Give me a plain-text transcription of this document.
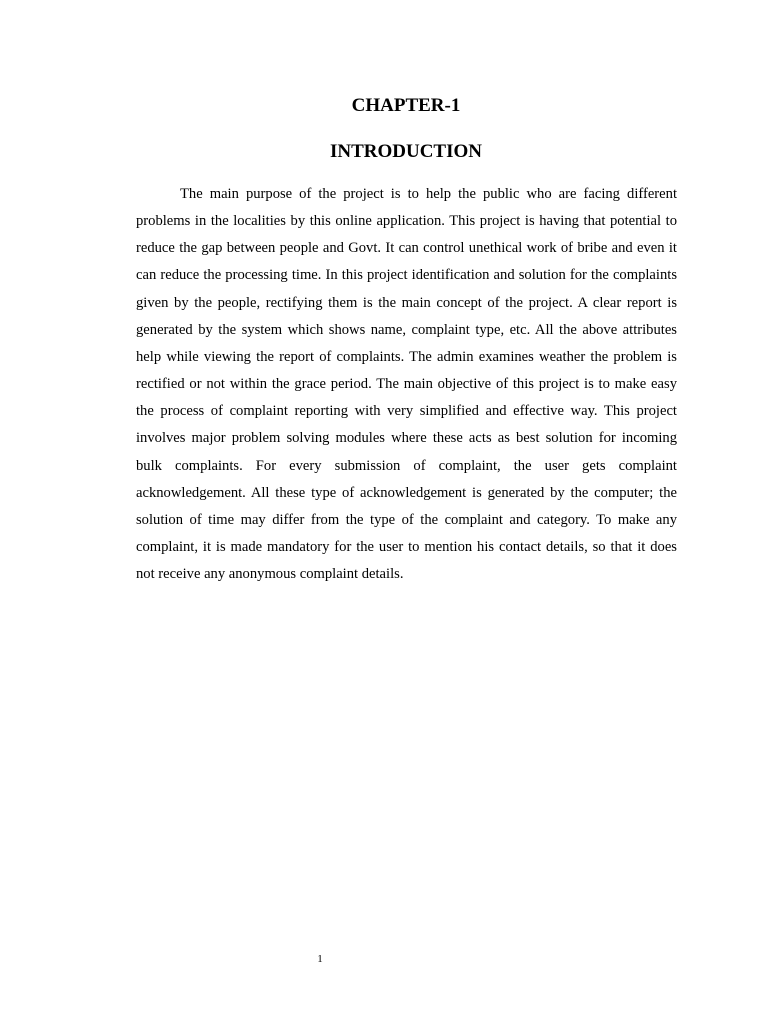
CHAPTER-1
INTRODUCTION

The main purpose of the project is to help the public who are facing different problems in the localities by this online application. This project is having that potential to reduce the gap between people and Govt. It can control unethical work of bribe and even it can reduce the processing time. In this project identification and solution for the complaints given by the people, rectifying them is the main concept of the project. A clear report is generated by the system which shows name, complaint type, etc. All the above attributes help while viewing the report of complaints. The admin examines weather the problem is rectified or not within the grace period. The main objective of this project is to make easy the process of complaint reporting with very simplified and effective way. This project involves major problem solving modules where these acts as best solution for incoming bulk complaints. For every submission of complaint, the user gets complaint acknowledgement. All these type of acknowledgement is generated by the computer; the solution of time may differ from the type of the complaint and category. To make any complaint, it is made mandatory for the user to mention his contact details, so that it does not receive any anonymous complaint details.

1
